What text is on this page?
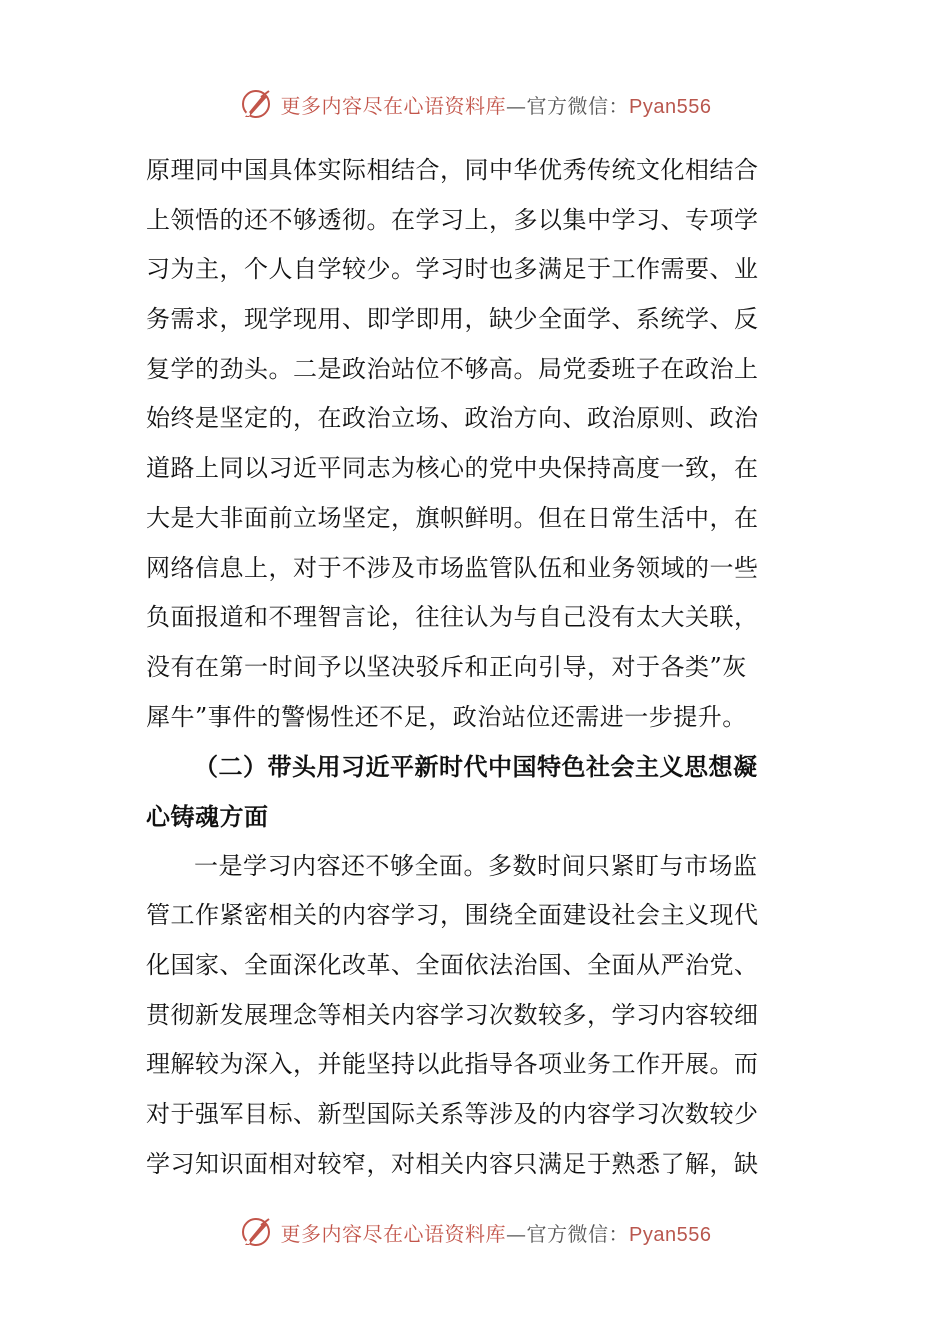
更多内容尽在心语资料库 — 官方微信： Pyan556
原理同中国具体实际相结合，同中华优秀传统文化相结合
上领悟的还不够透彻。在学习上，多以集中学习、专项学
习为主，个人自学较少。学习时也多满足于工作需要、业
务需求，现学现用、即学即用，缺少全面学、系统学、反
复学的劲头。二是政治站位不够高。局党委班子在政治上
始终是坚定的，在政治立场、政治方向、政治原则、政治
道路上同以习近平同志为核心的党中央保持高度一致，在
大是大非面前立场坚定，旗帜鲜明。但在日常生活中，在
网络信息上，对于不涉及市场监管队伍和业务领域的一些
负面报道和不理智言论，往往认为与自己没有太大关联，
没有在第一时间予以坚决驳斥和正向引导，对于各类”灰
犀牛”事件的警惕性还不足，政治站位还需进一步提升。
（二）带头用习近平新时代中国特色社会主义思想凝
心铸魂方面
一是学习内容还不够全面。多数时间只紧盯与市场监
管工作紧密相关的内容学习，围绕全面建设社会主义现代
化国家、全面深化改革、全面依法治国、全面从严治党、
贯彻新发展理念等相关内容学习次数较多，学习内容较细
理解较为深入，并能坚持以此指导各项业务工作开展。而
对于强军目标、新型国际关系等涉及的内容学习次数较少
学习知识面相对较窄，对相关内容只满足于熟悉了解，缺
更多内容尽在心语资料库 — 官方微信： Pyan556
